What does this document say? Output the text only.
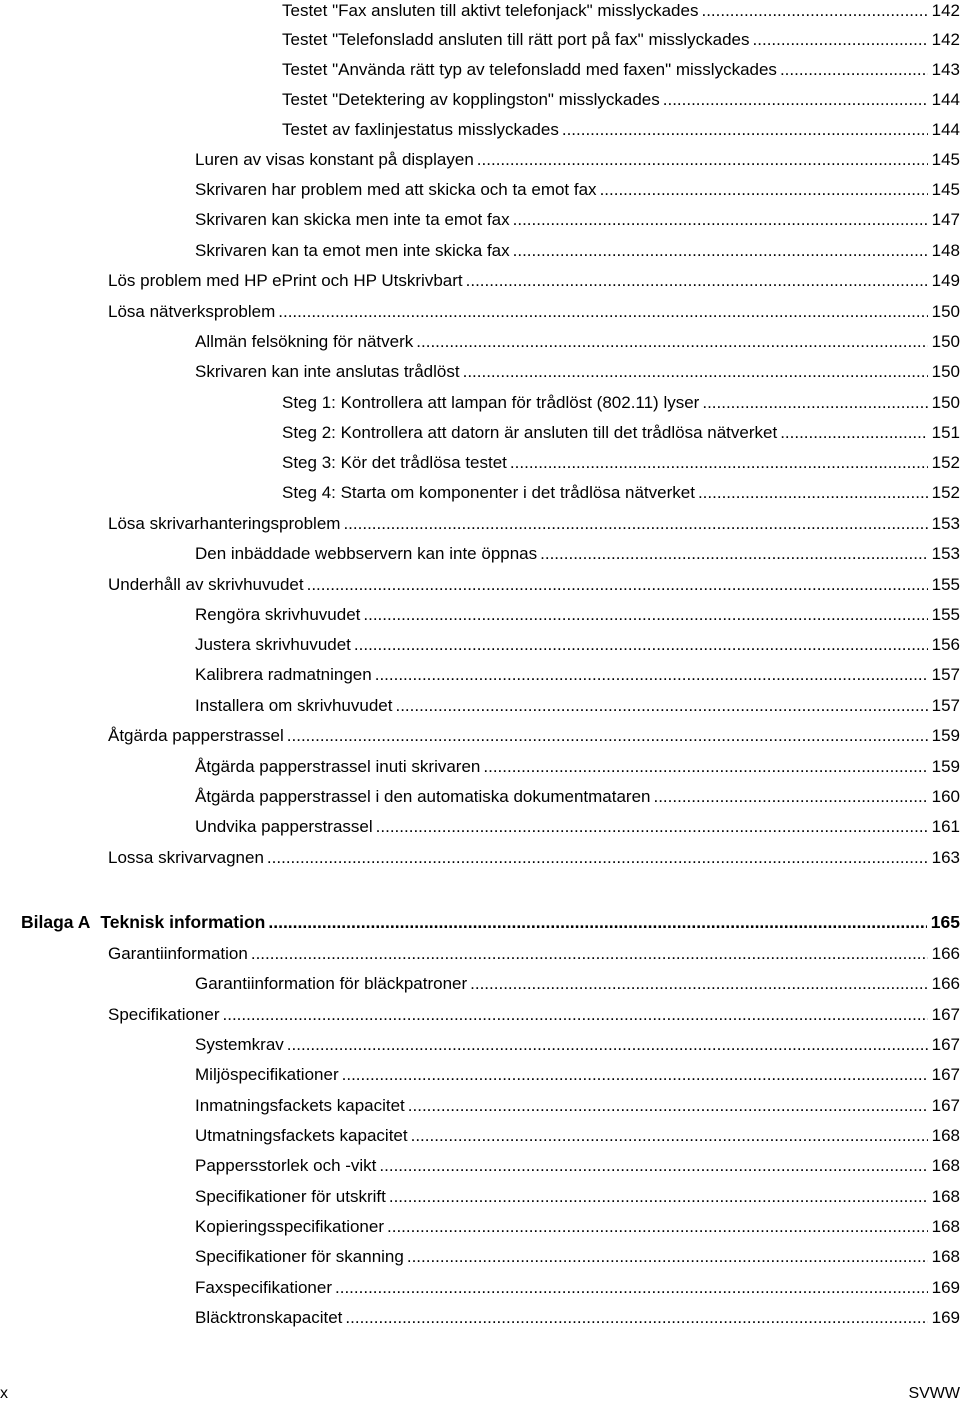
Testet "Fax ansluten till aktivt telefonjack" misslyckades .....	142
Testet "Telefonsladd ansluten till rätt port på fax" misslyckades .....	142
Testet "Använda rätt typ av telefonsladd med faxen" misslyckades .....	143
Testet "Detektering av kopplingston" misslyckades .....	144
Testet av faxlinjestatus misslyckades .....	144
Luren av visas konstant på displayen .....	145
Skrivaren har problem med att skicka och ta emot fax .....	145
Skrivaren kan skicka men inte ta emot fax .....	147
Skrivaren kan ta emot men inte skicka fax .....	148
Lös problem med HP ePrint och HP Utskrivbart .....	149
Lösa nätverksproblem .....	150
Allmän felsökning för nätverk .....	150
Skrivaren kan inte anslutas trådlöst .....	150
Steg 1: Kontrollera att lampan för trådlöst (802.11) lyser .....	150
Steg 2: Kontrollera att datorn är ansluten till det trådlösa nätverket .....	151
Steg 3: Kör det trådlösa testet .....	152
Steg 4: Starta om komponenter i det trådlösa nätverket .....	152
Lösa skrivarhanteringsproblem .....	153
Den inbäddade webbservern kan inte öppnas .....	153
Underhåll av skrivhuvudet .....	155
Rengöra skrivhuvudet .....	155
Justera skrivhuvudet .....	156
Kalibrera radmatningen .....	157
Installera om skrivhuvudet .....	157
Åtgärda papperstrassel .....	159
Åtgärda papperstrassel inuti skrivaren .....	159
Åtgärda papperstrassel i den automatiska dokumentmataren .....	160
Undvika papperstrassel .....	161
Lossa skrivarvagnen .....	163
Bilaga A Teknisk information .....	165
Garantiinformation .....	166
Garantiinformation för bläckpatroner .....	166
Specifikationer .....	167
Systemkrav .....	167
Miljöspecifikationer .....	167
Inmatningsfackets kapacitet .....	167
Utmatningsfackets kapacitet .....	168
Pappersstorlek och -vikt .....	168
Specifikationer för utskrift .....	168
Kopieringsspecifikationer .....	168
Specifikationer för skanning .....	168
Faxspecifikationer .....	169
Bläcktronskapacitet .....	169
x	SVWW
